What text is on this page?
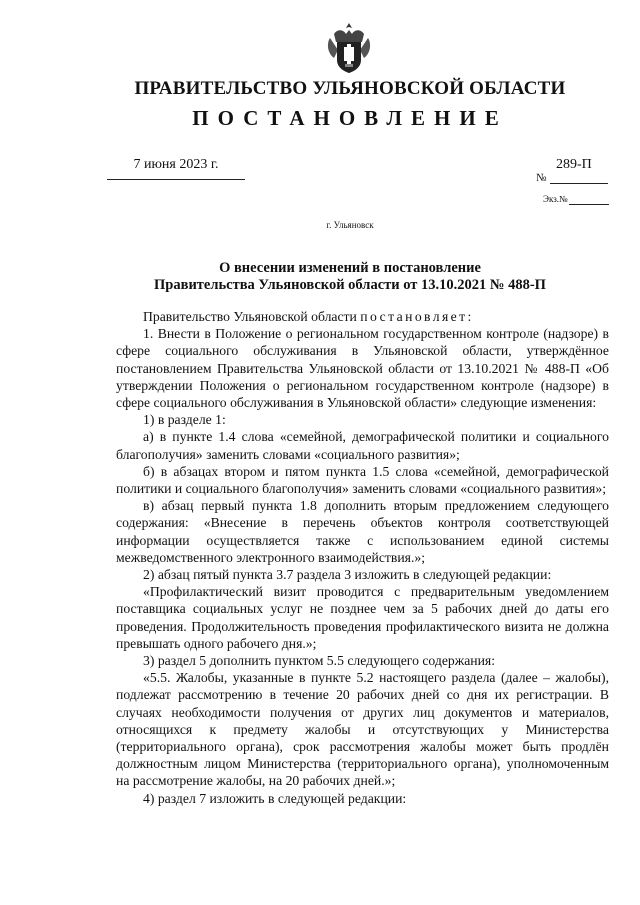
ПРАВИТЕЛЬСТВО УЛЬЯНОВСКОЙ ОБЛАСТИ
ПОСТАНОВЛЕНИЕ
7 июня 2023 г.	289-П
№
Экз.№
г. Ульяновск
О внесении изменений в постановление
Правительства Ульяновской области от 13.10.2021 № 488-П

Правительство Ульяновской области постановляет:

1. Внести в Положение о региональном государственном контроле (надзоре) в сфере социального обслуживания в Ульяновской области, утверждённое постановлением Правительства Ульяновской области от 13.10.2021 № 488-П «Об утверждении Положения о региональном государственном контроле (надзоре) в сфере социального обслуживания в Ульяновской области» следующие изменения:

1) в разделе 1:

а) в пункте 1.4 слова «семейной, демографической политики и социального благополучия» заменить словами «социального развития»;

б) в абзацах втором и пятом пункта 1.5 слова «семейной, демографической политики и социального благополучия» заменить словами «социального развития»;

в) абзац первый пункта 1.8 дополнить вторым предложением следующего содержания: «Внесение в перечень объектов контроля соответствующей информации осуществляется также с использованием единой системы межведомственного электронного взаимодействия.»;

2) абзац пятый пункта 3.7 раздела 3 изложить в следующей редакции:

«Профилактический визит проводится с предварительным уведомлением поставщика социальных услуг не позднее чем за 5 рабочих дней до даты его проведения. Продолжительность проведения профилактического визита не должна превышать одного рабочего дня.»;

3) раздел 5 дополнить пунктом 5.5 следующего содержания:

«5.5. Жалобы, указанные в пункте 5.2 настоящего раздела (далее – жалобы), подлежат рассмотрению в течение 20 рабочих дней со дня их регистрации. В случаях необходимости получения от других лиц документов и материалов, относящихся к предмету жалобы и отсутствующих у Министерства (территориального органа), срок рассмотрения жалобы может быть продлён должностным лицом Министерства (территориального органа), уполномоченным на рассмотрение жалобы, на 20 рабочих дней.»;

4) раздел 7 изложить в следующей редакции:
